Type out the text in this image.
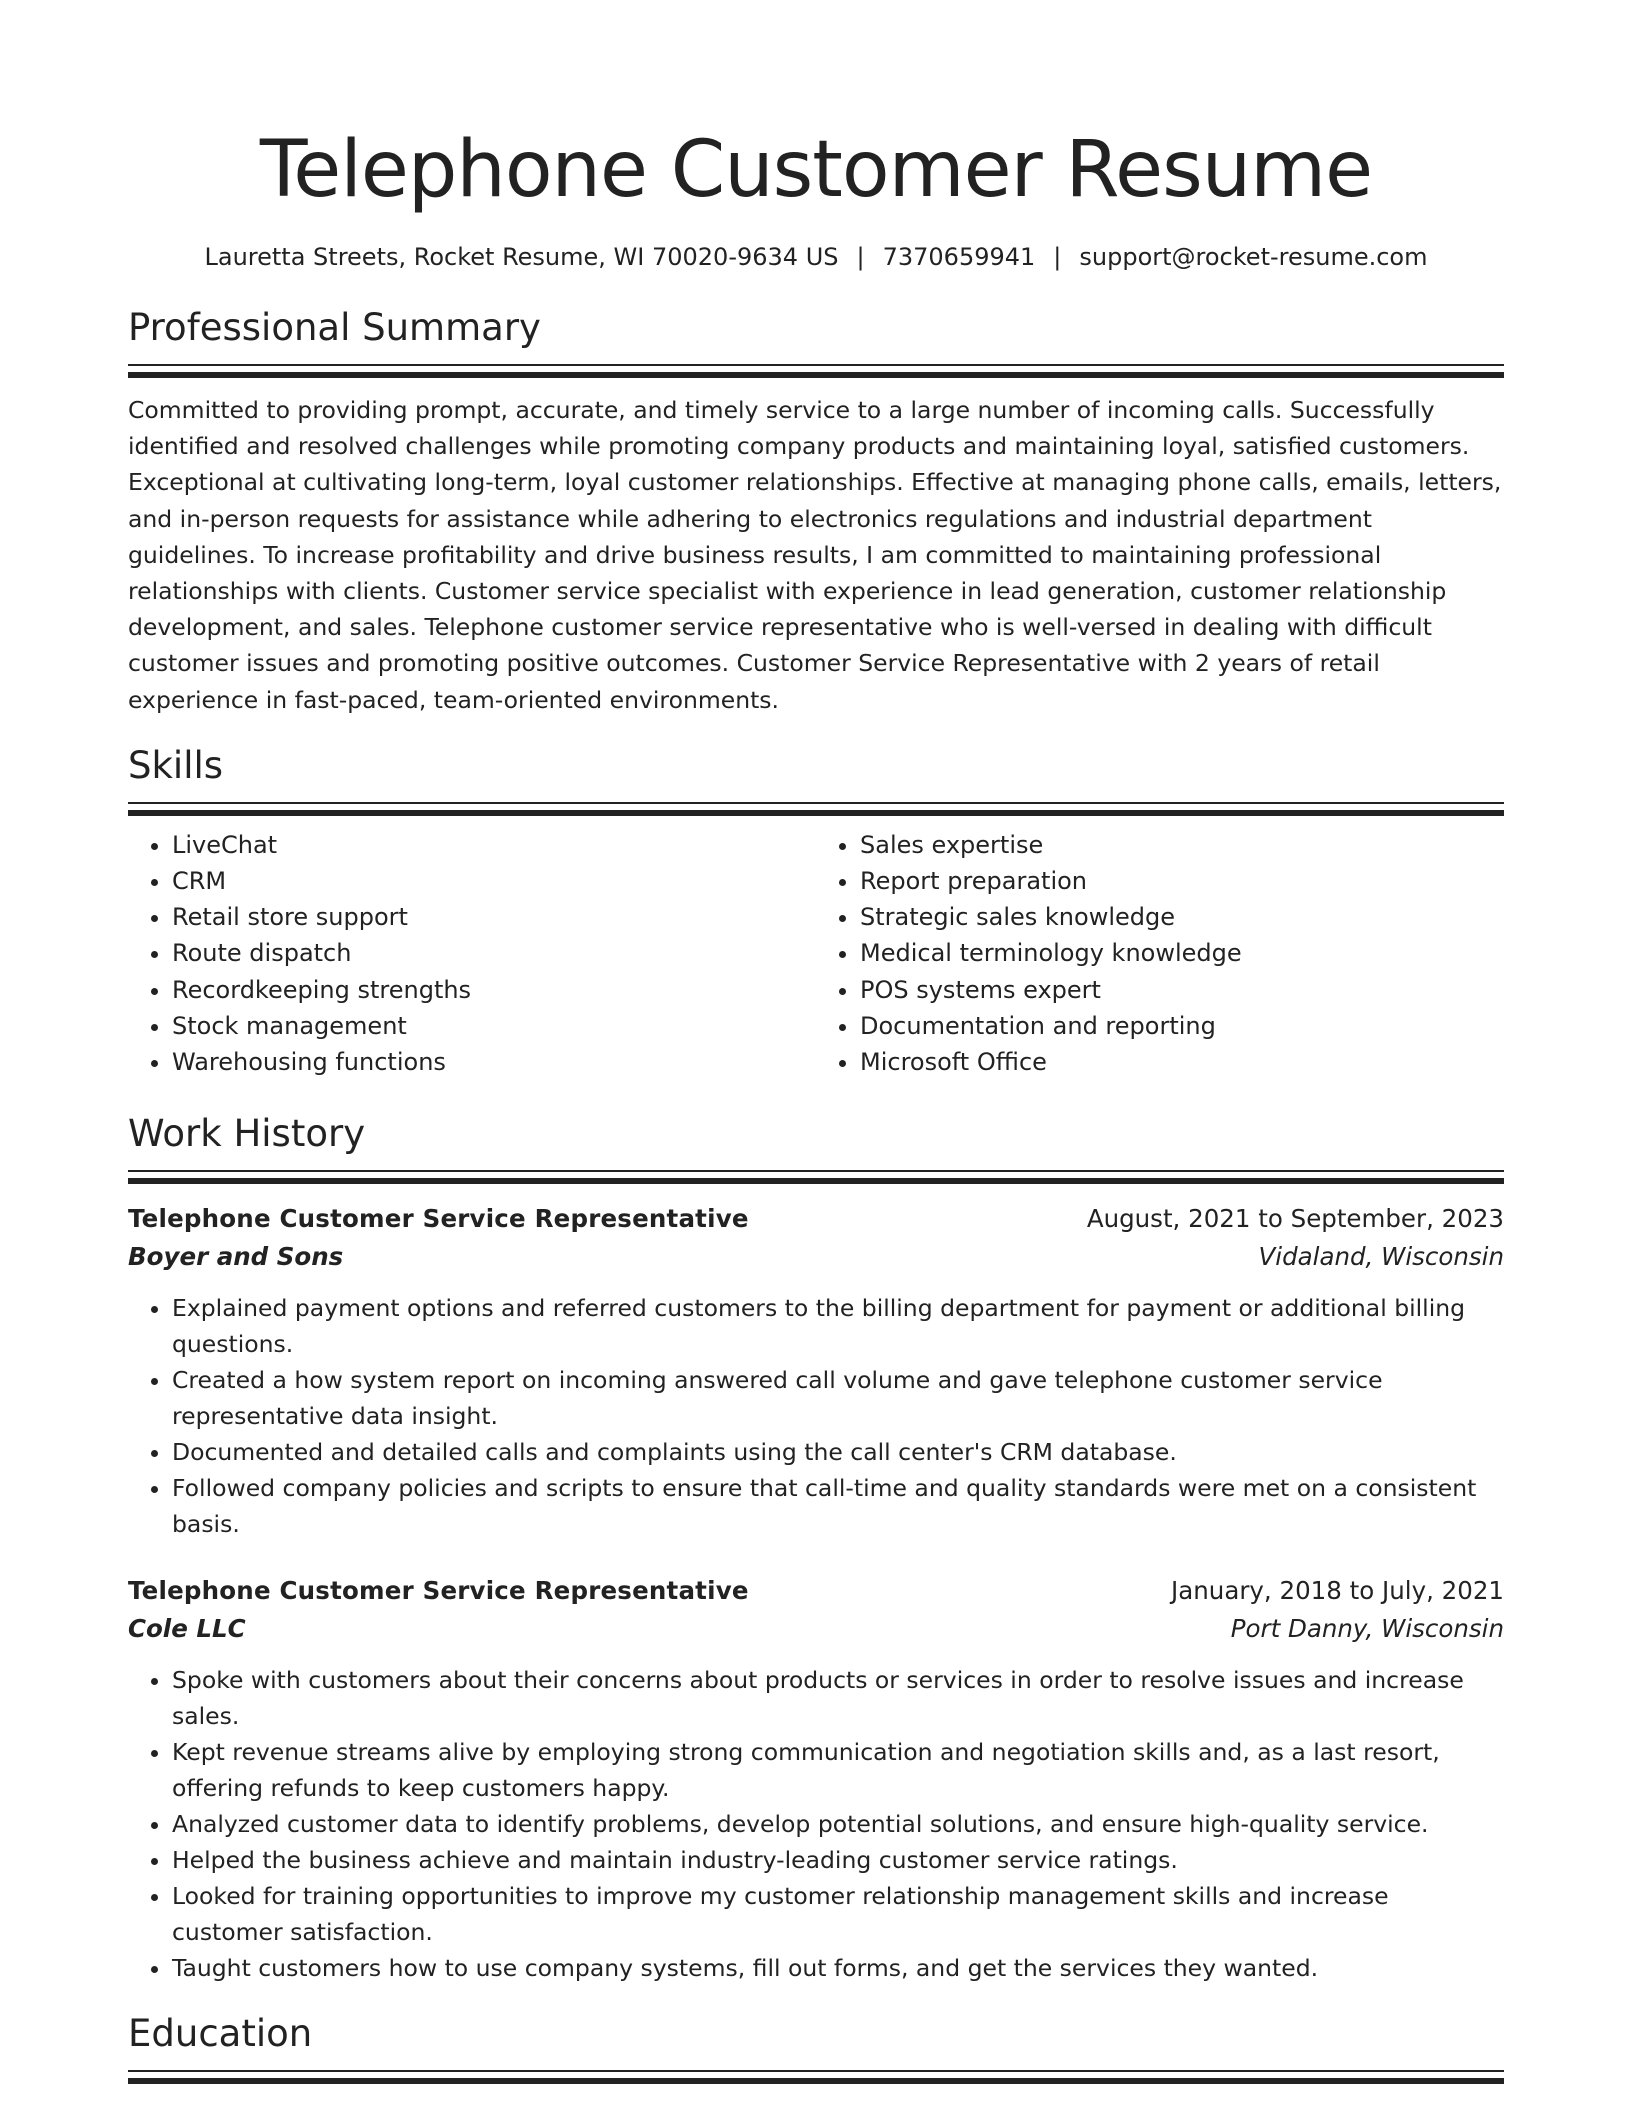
Telephone Customer Resume
Lauretta Streets, Rocket Resume, WI 70020-9634 US | 7370659941 | support@rocket-resume.com
Professional Summary

Committed to providing prompt, accurate, and timely service to a large number of incoming calls. Successfully identified and resolved challenges while promoting company products and maintaining loyal, satisfied customers. Exceptional at cultivating long-term, loyal customer relationships. Effective at managing phone calls, emails, letters, and in-person requests for assistance while adhering to electronics regulations and industrial department guidelines. To increase profitability and drive business results, I am committed to maintaining professional relationships with clients. Customer service specialist with experience in lead generation, customer relationship development, and sales. Telephone customer service representative who is well-versed in dealing with difficult customer issues and promoting positive outcomes. Customer Service Representative with 2 years of retail experience in fast-paced, team-oriented environments.

Skills
• LiveChat
• CRM
• Retail store support
• Route dispatch
• Recordkeeping strengths
• Stock management
• Warehousing functions
• Sales expertise
• Report preparation
• Strategic sales knowledge
• Medical terminology knowledge
• POS systems expert
• Documentation and reporting
• Microsoft Office
Work History
Telephone Customer Service Representative	August, 2021 to September, 2023
Boyer and Sons	Vidaland, Wisconsin
• Explained payment options and referred customers to the billing department for payment or additional billing questions.
• Created a how system report on incoming answered call volume and gave telephone customer service representative data insight.
• Documented and detailed calls and complaints using the call center's CRM database.
• Followed company policies and scripts to ensure that call-time and quality standards were met on a consistent basis.
Telephone Customer Service Representative	January, 2018 to July, 2021
Cole LLC	Port Danny, Wisconsin
• Spoke with customers about their concerns about products or services in order to resolve issues and increase sales.
• Kept revenue streams alive by employing strong communication and negotiation skills and, as a last resort, offering refunds to keep customers happy.
• Analyzed customer data to identify problems, develop potential solutions, and ensure high-quality service.
• Helped the business achieve and maintain industry-leading customer service ratings.
• Looked for training opportunities to improve my customer relationship management skills and increase customer satisfaction.
• Taught customers how to use company systems, fill out forms, and get the services they wanted.
Education
